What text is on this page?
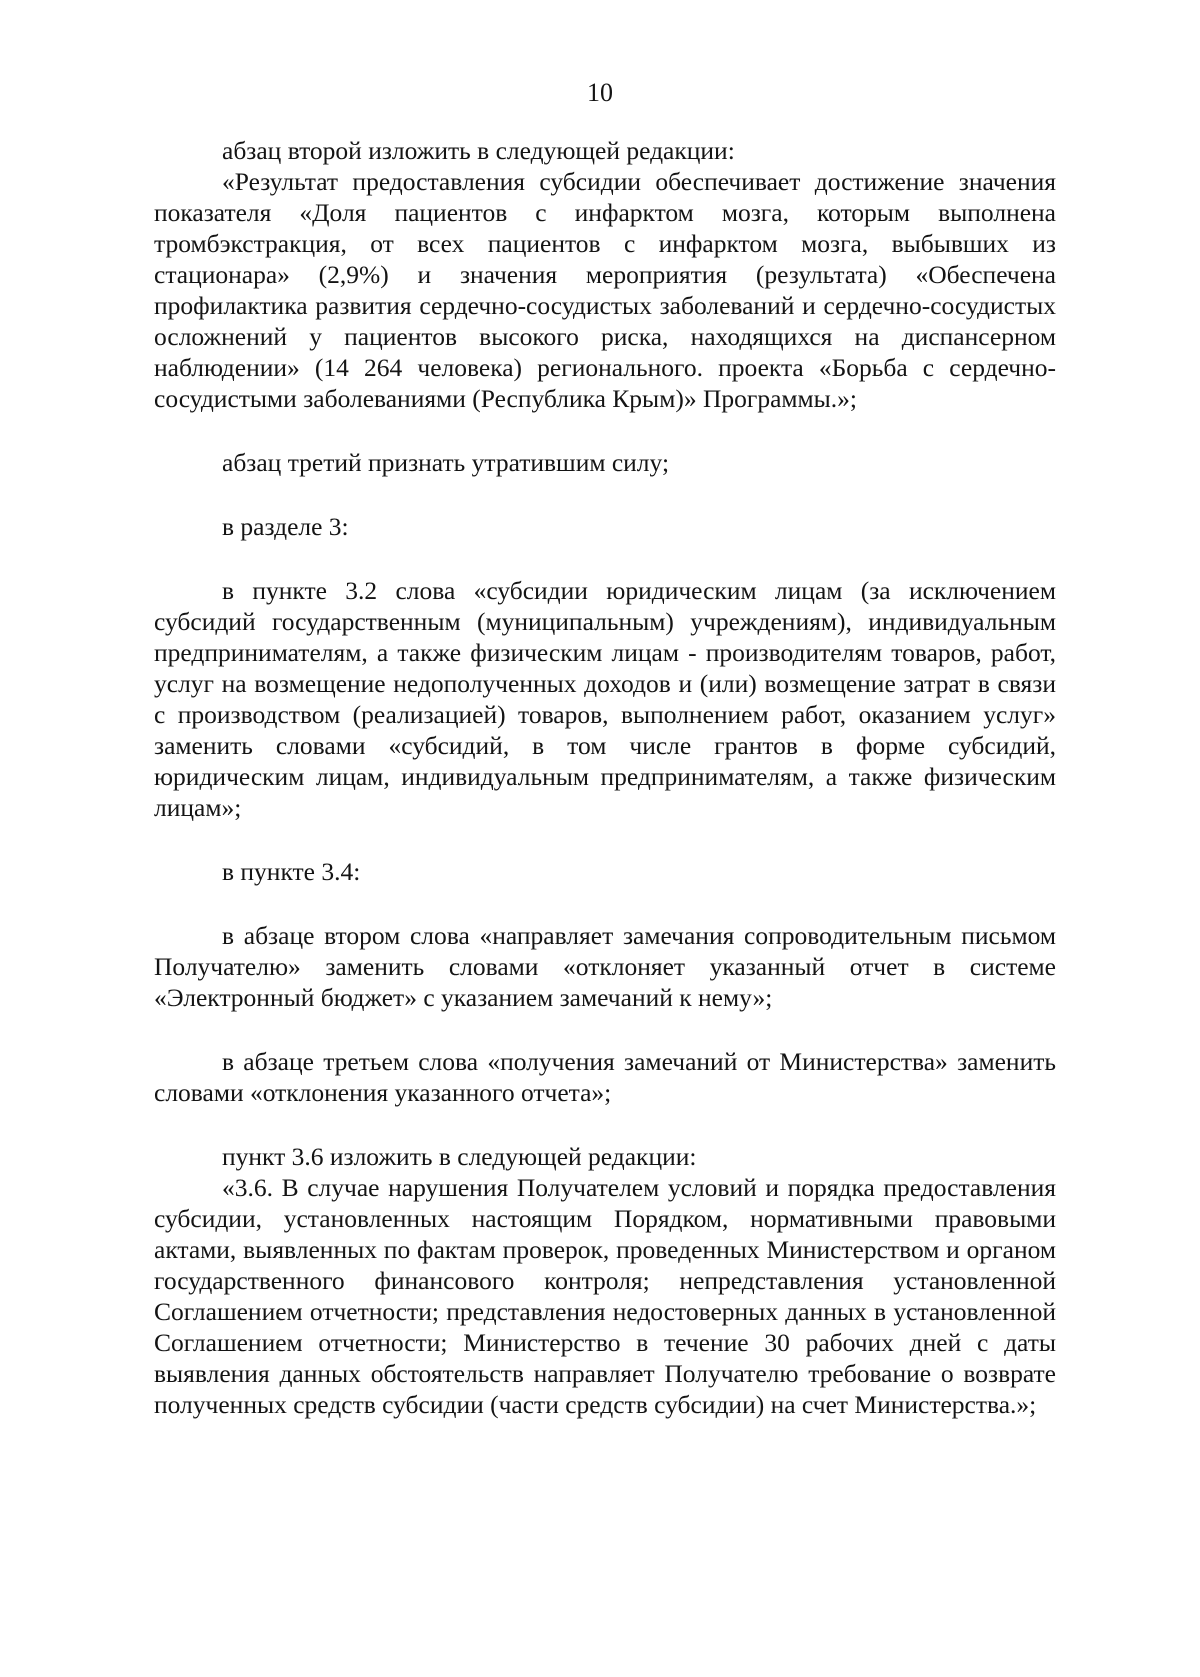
10

абзац второй изложить в следующей редакции:

«Результат предоставления субсидии обеспечивает достижение значения показателя «Доля пациентов с инфарктом мозга, которым выполнена тромбэкстракция, от всех пациентов с инфарктом мозга, выбывших из стационара» (2,9%) и значения мероприятия (результата) «Обеспечена профилактика развития сердечно-сосудистых заболеваний и сердечно-сосудистых осложнений у пациентов высокого риска, находящихся на диспансерном наблюдении» (14 264 человека) регионального. проекта «Борьба с сердечно-сосудистыми заболеваниями (Республика Крым)» Программы.»;

абзац третий признать утратившим силу;

в разделе 3:

в пункте 3.2 слова «субсидии юридическим лицам (за исключением субсидий государственным (муниципальным) учреждениям), индивидуальным предпринимателям, а также физическим лицам - производителям товаров, работ, услуг на возмещение недополученных доходов и (или) возмещение затрат в связи с производством (реализацией) товаров, выполнением работ, оказанием услуг» заменить словами «субсидий, в том числе грантов в форме субсидий, юридическим лицам, индивидуальным предпринимателям, а также физическим лицам»;

в пункте 3.4:

в абзаце втором слова «направляет замечания сопроводительным письмом Получателю» заменить словами «отклоняет указанный отчет в системе «Электронный бюджет» с указанием замечаний к нему»;

в абзаце третьем слова «получения замечаний от Министерства» заменить словами «отклонения указанного отчета»;

пункт 3.6 изложить в следующей редакции:

«3.6. В случае нарушения Получателем условий и порядка предоставления субсидии, установленных настоящим Порядком, нормативными правовыми актами, выявленных по фактам проверок, проведенных Министерством и органом государственного финансового контроля; непредставления установленной Соглашением отчетности; представления недостоверных данных в установленной Соглашением отчетности; Министерство в течение 30 рабочих дней с даты выявления данных обстоятельств направляет Получателю требование о возврате полученных средств субсидии (части средств субсидии) на счет Министерства.»;
